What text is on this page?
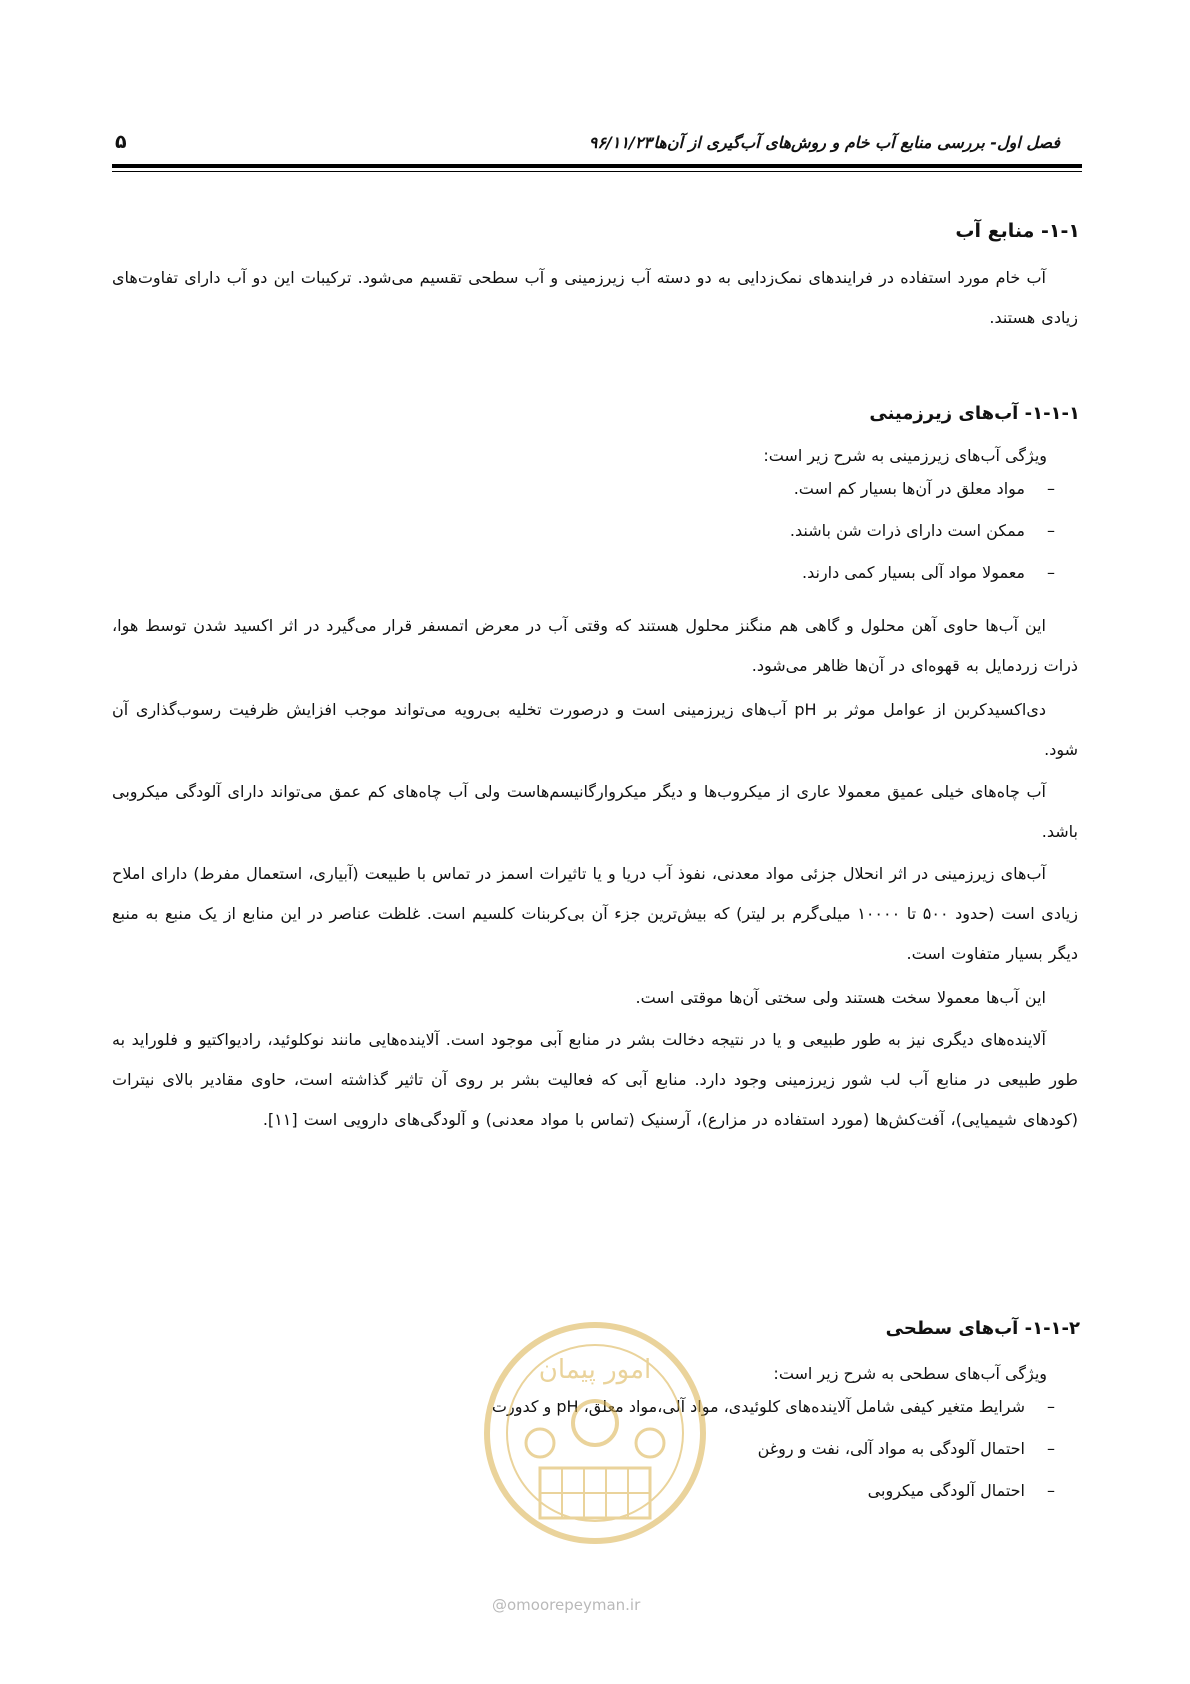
فصل اول- بررسی منابع آب خام و روش‌های آب‌گیری از آن‌ها
۹۶/۱۱/۲۳
۵
۱-۱- منابع آب
آب خام مورد استفاده در فرایندهای نمک‌زدایی به دو دسته آب زیرزمینی و آب سطحی تقسیم می‌شود. ترکیبات این دو آب دارای تفاوت‌های زیادی هستند.
۱-۱-۱- آب‌های زیرزمینی
ویژگی آب‌های زیرزمینی به شرح زیر است:
–مواد معلق در آن‌ها بسیار کم است.
–ممکن است دارای ذرات شن باشند.
–معمولا مواد آلی بسیار کمی دارند.
این آب‌ها حاوی آهن محلول و گاهی هم منگنز محلول هستند که وقتی آب در معرض اتمسفر قرار می‌گیرد در اثر اکسید شدن توسط هوا، ذرات زردمایل به قهوه‌ای در آن‌ها ظاهر می‌شود.
دی‌اکسیدکربن از عوامل موثر بر pH آب‌های زیرزمینی است و درصورت تخلیه بی‌رویه می‌تواند موجب افزایش ظرفیت رسوب‌گذاری آن شود.
آب چاه‌های خیلی عمیق معمولا عاری از میکروب‌ها و دیگر میکروارگانیسم‌هاست ولی آب چاه‌های کم عمق می‌تواند دارای آلودگی میکروبی باشد.
آب‌های زیرزمینی در اثر انحلال جزئی مواد معدنی، نفوذ آب دریا و یا تاثیرات اسمز در تماس با طبیعت (آبیاری، استعمال مفرط) دارای املاح زیادی است (حدود ۵۰۰ تا ۱۰۰۰۰ میلی‌گرم بر لیتر) که بیش‌ترین جزء آن بی‌کربنات کلسیم است. غلظت عناصر در این منابع از یک منبع به منبع دیگر بسیار متفاوت است.
این آب‌ها معمولا سخت هستند ولی سختی آن‌ها موقتی است.
آلاینده‌های دیگری نیز به طور طبیعی و یا در نتیجه دخالت بشر در منابع آبی موجود است. آلاینده‌هایی مانند نوکلوئید، رادیواکتیو و فلوراید به طور طبیعی در منابع آب لب شور زیرزمینی وجود دارد. منابع آبی که فعالیت بشر بر روی آن تاثیر گذاشته است، حاوی مقادیر بالای نیترات (کودهای شیمیایی)، آفت‌کش‌ها (مورد استفاده در مزارع)، آرسنیک (تماس با مواد معدنی) و آلودگی‌های دارویی است [۱۱].
۱-۱-۲- آب‌های سطحی
ویژگی آب‌های سطحی به شرح زیر است:
–شرایط متغیر کیفی شامل آلاینده‌های کلوئیدی، مواد آلی،مواد معلق، pH و کدورت
–احتمال آلودگی به مواد آلی، نفت و روغن
–احتمال آلودگی میکروبی
امور پیمان
@omoorepeyman.ir
